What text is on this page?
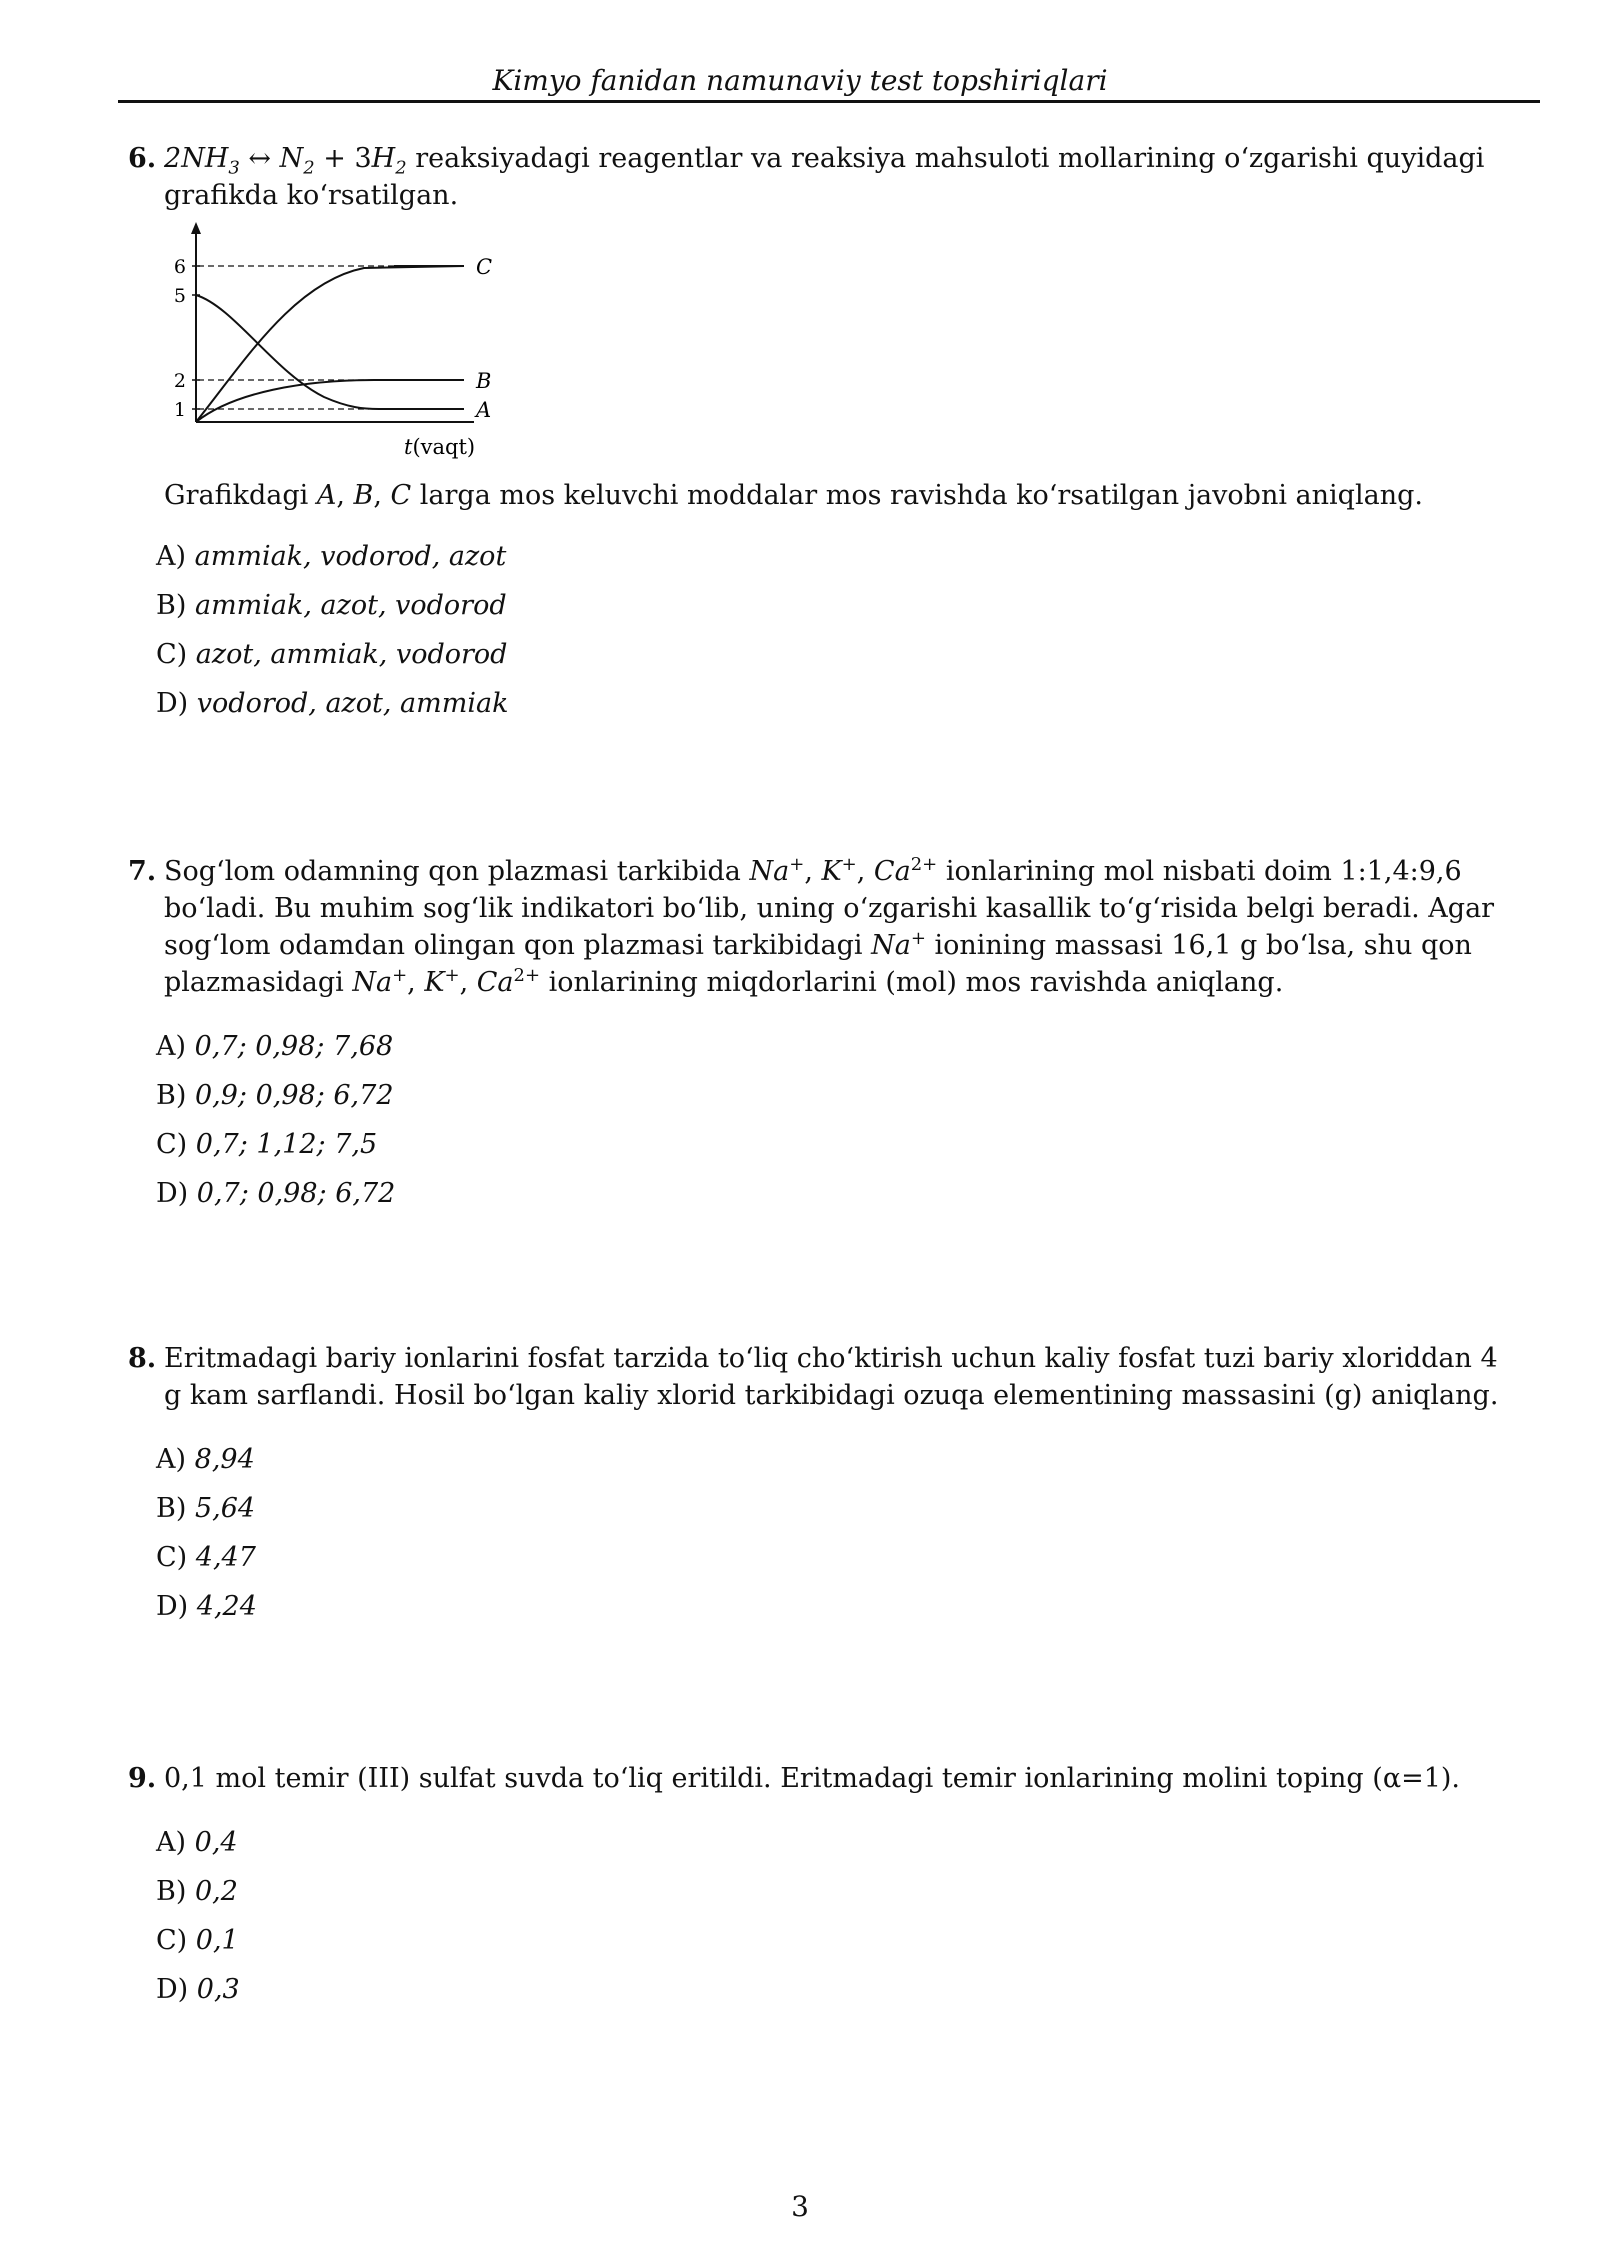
Kimyo fanidan namunaviy test topshiriqlari
6. $2NH_3$ ↔ $N_2 + 3H_2$ reaksiyadagi reagentlar va reaksiya mahsuloti mollarining o‘zgarishi quyidagi grafikda ko‘rsatilgan.
6
5
2
1
C
B
A
t(vaqt)
Grafikdagi A, B, C larga mos keluvchi moddalar mos ravishda ko‘rsatilgan javobni aniqlang.
A) ammiak, vodorod, azot
B) ammiak, azot, vodorod
C) azot, ammiak, vodorod
D) vodorod, azot, ammiak
7. Sog‘lom odamning qon plazmasi tarkibida Na+, K+, $Ca^{2+}$ ionlarining mol nisbati doim 1:1,4:9,6 bo‘ladi. Bu muhim sog‘lik indikatori bo‘lib, uning o‘zgarishi kasallik to‘g‘risida belgi beradi. Agar sog‘lom odamdan olingan qon plazmasi tarkibidagi Na+ ionining massasi 16,1 g bo‘lsa, shu qon plazmasidagi Na+, K+, $Ca^{2+}$ ionlarining miqdorlarini (mol) mos ravishda aniqlang.
A) 0,7; 0,98; 7,68
B) 0,9; 0,98; 6,72
C) 0,7; 1,12; 7,5
D) 0,7; 0,98; 6,72
8. Eritmadagi bariy ionlarini fosfat tarzida to‘liq cho‘ktirish uchun kaliy fosfat tuzi bariy xloriddan 4 g kam sarflandi. Hosil bo‘lgan kaliy xlorid tarkibidagi ozuqa elementining massasini (g) aniqlang.
A) 8,94
B) 5,64
C) 4,47
D) 4,24
9. 0,1 mol temir (III) sulfat suvda to‘liq eritildi. Eritmadagi temir ionlarining molini toping (α=1).
A) 0,4
B) 0,2
C) 0,1
D) 0,3
3
